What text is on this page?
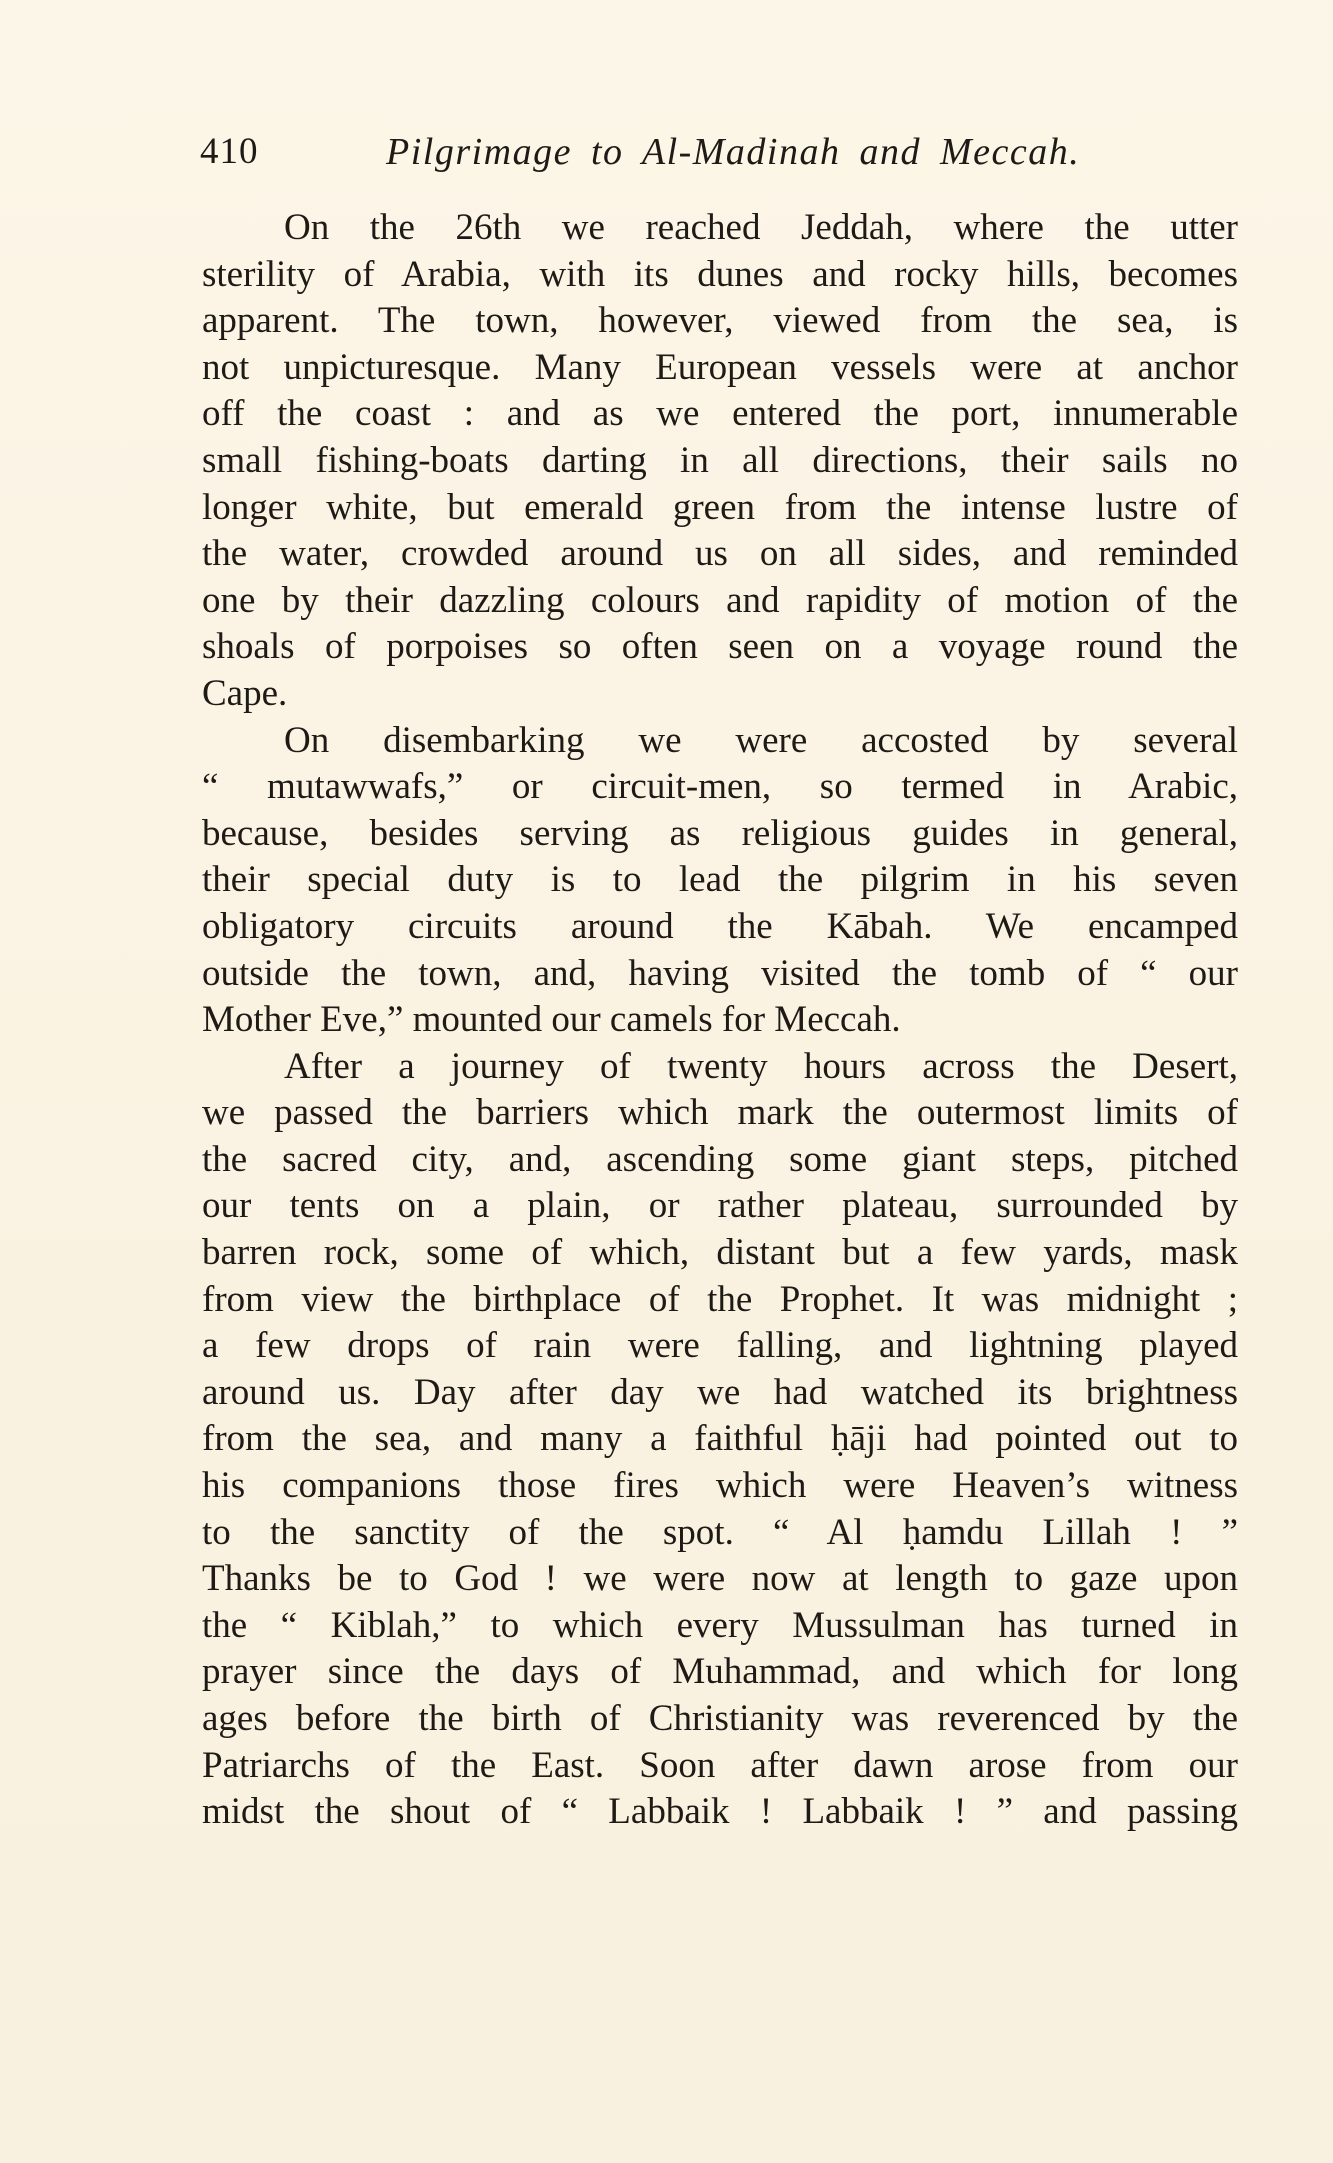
410	Pilgrimage to Al-Madinah and Meccah.
On the 26th we reached Jeddah, where the utter
sterility of Arabia, with its dunes and rocky hills, becomes
apparent. The town, however, viewed from the sea, is
not unpicturesque. Many European vessels were at anchor
off the coast : and as we entered the port, innumerable
small fishing-boats darting in all directions, their sails no
longer white, but emerald green from the intense lustre of
the water, crowded around us on all sides, and reminded
one by their dazzling colours and rapidity of motion of the
shoals of porpoises so often seen on a voyage round the
Cape.
On disembarking we were accosted by several
“ mutawwafs,” or circuit-men, so termed in Arabic,
because, besides serving as religious guides in general,
their special duty is to lead the pilgrim in his seven
obligatory circuits around the Kābah. We encamped
outside the town, and, having visited the tomb of “ our
Mother Eve,” mounted our camels for Meccah.
After a journey of twenty hours across the Desert,
we passed the barriers which mark the outermost limits of
the sacred city, and, ascending some giant steps, pitched
our tents on a plain, or rather plateau, surrounded by
barren rock, some of which, distant but a few yards, mask
from view the birthplace of the Prophet. It was midnight ;
a few drops of rain were falling, and lightning played
around us. Day after day we had watched its brightness
from the sea, and many a faithful ḥāji had pointed out to
his companions those fires which were Heaven’s witness
to the sanctity of the spot. “ Al ḥamdu Lillah ! ”
Thanks be to God ! we were now at length to gaze upon
the “ Kiblah,” to which every Mussulman has turned in
prayer since the days of Muhammad, and which for long
ages before the birth of Christianity was reverenced by the
Patriarchs of the East. Soon after dawn arose from our
midst the shout of “ Labbaik ! Labbaik ! ” and passing
